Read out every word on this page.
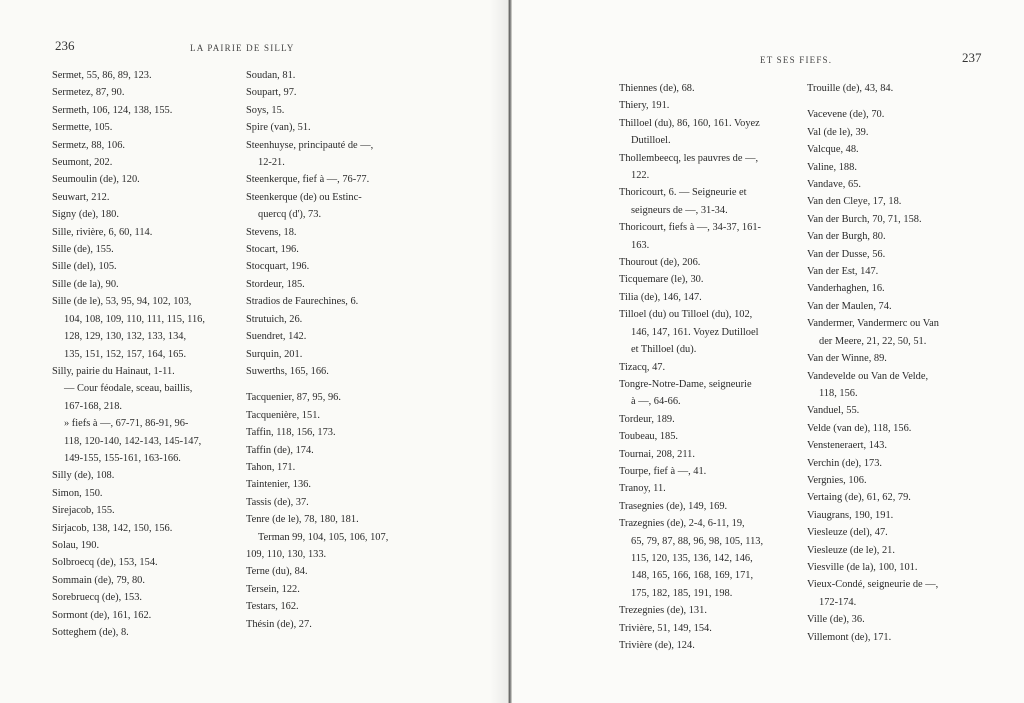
236	LA PAIRIE DE SILLY
Sermet, 55, 86, 89, 123.
Sermetez, 87, 90.
Sermeth, 106, 124, 138, 155.
Sermette, 105.
Sermetz, 88, 106.
Seumont, 202.
Seumoulin (de), 120.
Seuwart, 212.
Signy (de), 180.
Sille, rivière, 6, 60, 114.
Sille (de), 155.
Sille (del), 105.
Sille (de la), 90.
Sille (de le), 53, 95, 94, 102, 103,
104, 108, 109, 110, 111, 115, 116,
128, 129, 130, 132, 133, 134,
135, 151, 152, 157, 164, 165.
Silly, pairie du Hainaut, 1-11.
— Cour féodale, sceau, baillis,
167-168, 218.
» fiefs à —, 67-71, 86-91, 96-
118, 120-140, 142-143, 145-147,
149-155, 155-161, 163-166.
Silly (de), 108.
Simon, 150.
Sirejacob, 155.
Sirjacob, 138, 142, 150, 156.
Solau, 190.
Solbroecq (de), 153, 154.
Sommain (de), 79, 80.
Sorebruecq (de), 153.
Sormont (de), 161, 162.
Sotteghem (de), 8.
Soudan, 81.
Soupart, 97.
Soys, 15.
Spire (van), 51.
Steenhuyse, principauté de —,
12-21.
Steenkerque, fief à —, 76-77.
Steenkerque (de) ou Estinc-
quercq (d'), 73.
Stevens, 18.
Stocart, 196.
Stocquart, 196.
Stordeur, 185.
Stradios de Faurechines, 6.
Strutuich, 26.
Suendret, 142.
Surquin, 201.
Suwerths, 165, 166.
Tacquenier, 87, 95, 96.
Tacquenière, 151.
Taffin, 118, 156, 173.
Taffin (de), 174.
Tahon, 171.
Taintenier, 136.
Tassis (de), 37.
Tenre (de le), 78, 180, 181.
Terman 99, 104, 105, 106, 107,
109, 110, 130, 133.
Terne (du), 84.
Tersein, 122.
Testars, 162.
Thésin (de), 27.
ET SES FIEFS.	237
Thiennes (de), 68.
Thiery, 191.
Thilloel (du), 86, 160, 161. Voyez
Dutilloel.
Thollembeecq, les pauvres de —,
122.
Thoricourt, 6. — Seigneurie et
seigneurs de —, 31-34.
Thoricourt, fiefs à —, 34-37, 161-
163.
Thourout (de), 206.
Ticquemare (le), 30.
Tilia (de), 146, 147.
Tilloel (du) ou Tilloel (du), 102,
146, 147, 161. Voyez Dutilloel
et Thilloel (du).
Tizacq, 47.
Tongre-Notre-Dame, seigneurie
à —, 64-66.
Tordeur, 189.
Toubeau, 185.
Tournai, 208, 211.
Tourpe, fief à —, 41.
Tranoy, 11.
Trasegnies (de), 149, 169.
Trazegnies (de), 2-4, 6-11, 19,
65, 79, 87, 88, 96, 98, 105, 113,
115, 120, 135, 136, 142, 146,
148, 165, 166, 168, 169, 171,
175, 182, 185, 191, 198.
Trezegnies (de), 131.
Trivière, 51, 149, 154.
Trivière (de), 124.
Trouille (de), 43, 84.
Vacevene (de), 70.
Val (de le), 39.
Valcque, 48.
Valine, 188.
Vandave, 65.
Van den Cleye, 17, 18.
Van der Burch, 70, 71, 158.
Van der Burgh, 80.
Van der Dusse, 56.
Van der Est, 147.
Vanderhaghen, 16.
Van der Maulen, 74.
Vandermer, Vandermerc ou Van
der Meere, 21, 22, 50, 51.
Van der Winne, 89.
Vandevelde ou Van de Velde,
118, 156.
Vanduel, 55.
Velde (van de), 118, 156.
Vensteneraert, 143.
Verchin (de), 173.
Vergnies, 106.
Vertaing (de), 61, 62, 79.
Viaugrans, 190, 191.
Viesleuze (del), 47.
Viesleuze (de le), 21.
Viesville (de la), 100, 101.
Vieux-Condé, seigneurie de —,
172-174.
Ville (de), 36.
Villemont (de), 171.
